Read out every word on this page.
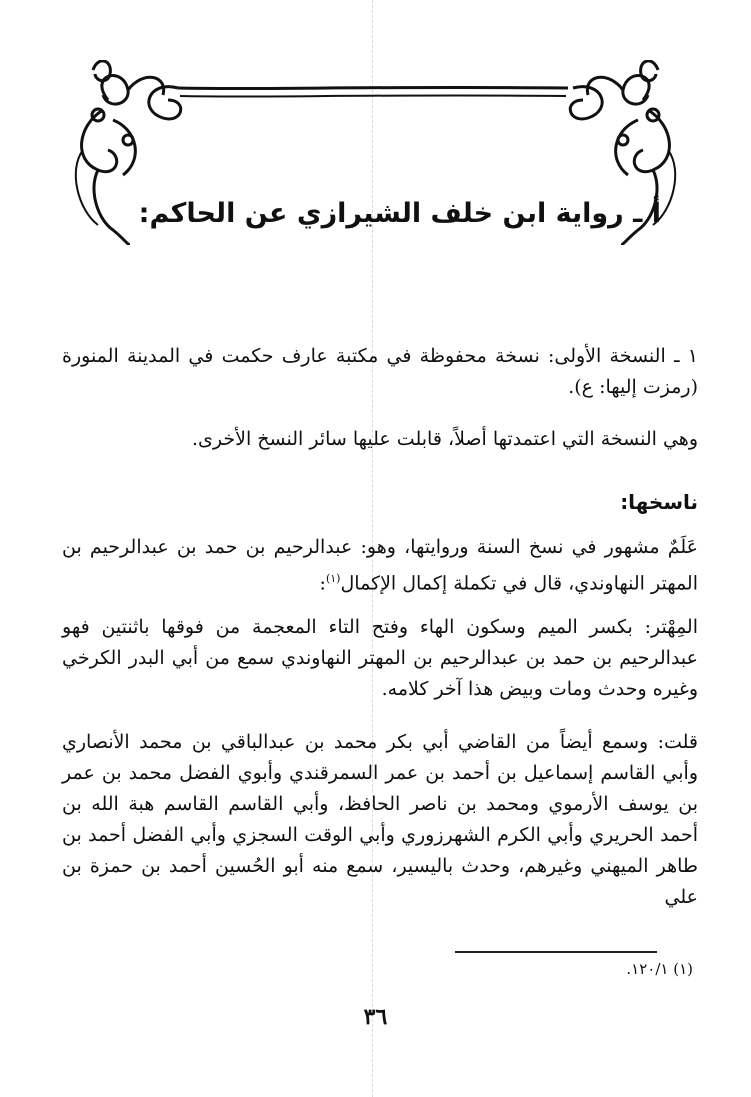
أ ـ رواية ابن خلف الشيرازي عن الحاكم:
١ ـ النسخة الأولى: نسخة محفوظة في مكتبة عارف حكمت في المدينة المنورة (رمزت إليها: ع).
وهي النسخة التي اعتمدتها أصلاً، قابلت عليها سائر النسخ الأخرى.
ناسخها:
عَلَمٌ مشهور في نسخ السنة وروايتها، وهو: عبدالرحيم بن حمد بن عبدالرحيم بن المهتر النهاوندي، قال في تكملة إكمال الإكمال$^{(١)}$:
المِهْتر: بكسر الميم وسكون الهاء وفتح التاء المعجمة من فوقها باثنتين فهو عبدالرحيم بن حمد بن عبدالرحيم بن المهتر النهاوندي سمع من أبي البدر الكرخي وغيره وحدث ومات وبيض هذا آخر كلامه.
قلت: وسمع أيضاً من القاضي أبي بكر محمد بن عبدالباقي بن محمد الأنصاري وأبي القاسم إسماعيل بن أحمد بن عمر السمرقندي وأبوي الفضل محمد بن عمر بن يوسف الأرموي ومحمد بن ناصر الحافظ، وأبي القاسم القاسم هبة الله بن أحمد الحريري وأبي الكرم الشهرزوري وأبي الوقت السجزي وأبي الفضل أحمد بن طاهر الميهني وغيرهم، وحدث باليسير، سمع منه أبو الحُسين أحمد بن حمزة بن علي
(١) ١٢٠/١.
٣٦
